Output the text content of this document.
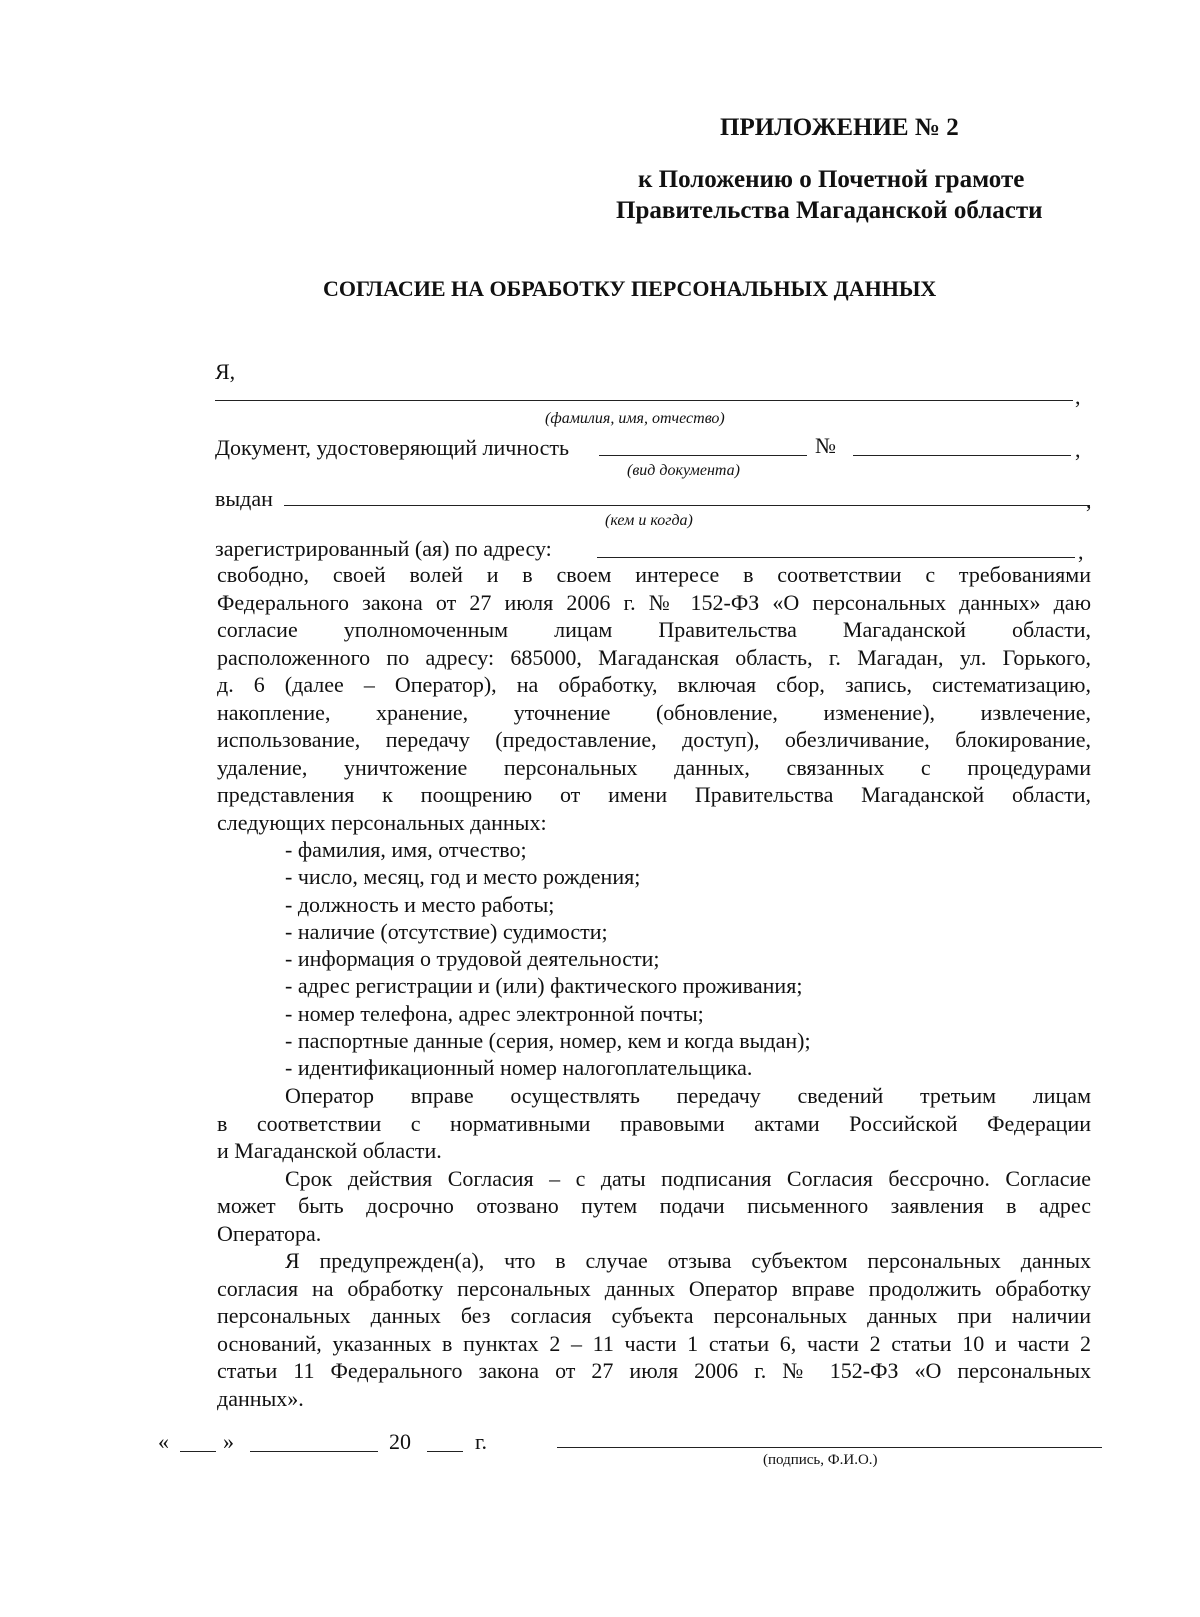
ПРИЛОЖЕНИЕ № 2
к Положению о Почетной грамоте
Правительства Магаданской области
СОГЛАСИЕ НА ОБРАБОТКУ ПЕРСОНАЛЬНЫХ ДАННЫХ
Я,
,
(фамилия, имя, отчество)
Документ, удостоверяющий личность	№	,
(вид документа)
выдан	,
(кем и когда)
зарегистрированный (ая) по адресу:	,
свободно, своей волей и в своем интересе в соответствии с требованиями
Федерального закона от 27 июля 2006 г. № 152-ФЗ «О персональных данных» даю
согласие уполномоченным лицам Правительства Магаданской области,
расположенного по адресу: 685000, Магаданская область, г. Магадан, ул. Горького,
д. 6 (далее – Оператор), на обработку, включая сбор, запись, систематизацию,
накопление, хранение, уточнение (обновление, изменение), извлечение,
использование, передачу (предоставление, доступ), обезличивание, блокирование,
удаление, уничтожение персональных данных, связанных с процедурами
представления к поощрению от имени Правительства Магаданской области,
следующих персональных данных:
- фамилия, имя, отчество;
- число, месяц, год и место рождения;
- должность и место работы;
- наличие (отсутствие) судимости;
- информация о трудовой деятельности;
- адрес регистрации и (или) фактического проживания;
- номер телефона, адрес электронной почты;
- паспортные данные (серия, номер, кем и когда выдан);
- идентификационный номер налогоплательщика.
Оператор вправе осуществлять передачу сведений третьим лицам
в соответствии с нормативными правовыми актами Российской Федерации
и Магаданской области.
Срок действия Согласия – с даты подписания Согласия бессрочно. Согласие
может быть досрочно отозвано путем подачи письменного заявления в адрес
Оператора.
Я предупрежден(а), что в случае отзыва субъектом персональных данных
согласия на обработку персональных данных Оператор вправе продолжить обработку
персональных данных без согласия субъекта персональных данных при наличии
оснований, указанных в пунктах 2 – 11 части 1 статьи 6, части 2 статьи 10 и части 2
статьи 11 Федерального закона от 27 июля 2006 г. № 152-ФЗ «О персональных
данных».
« »	20	г.
(подпись, Ф.И.О.)
